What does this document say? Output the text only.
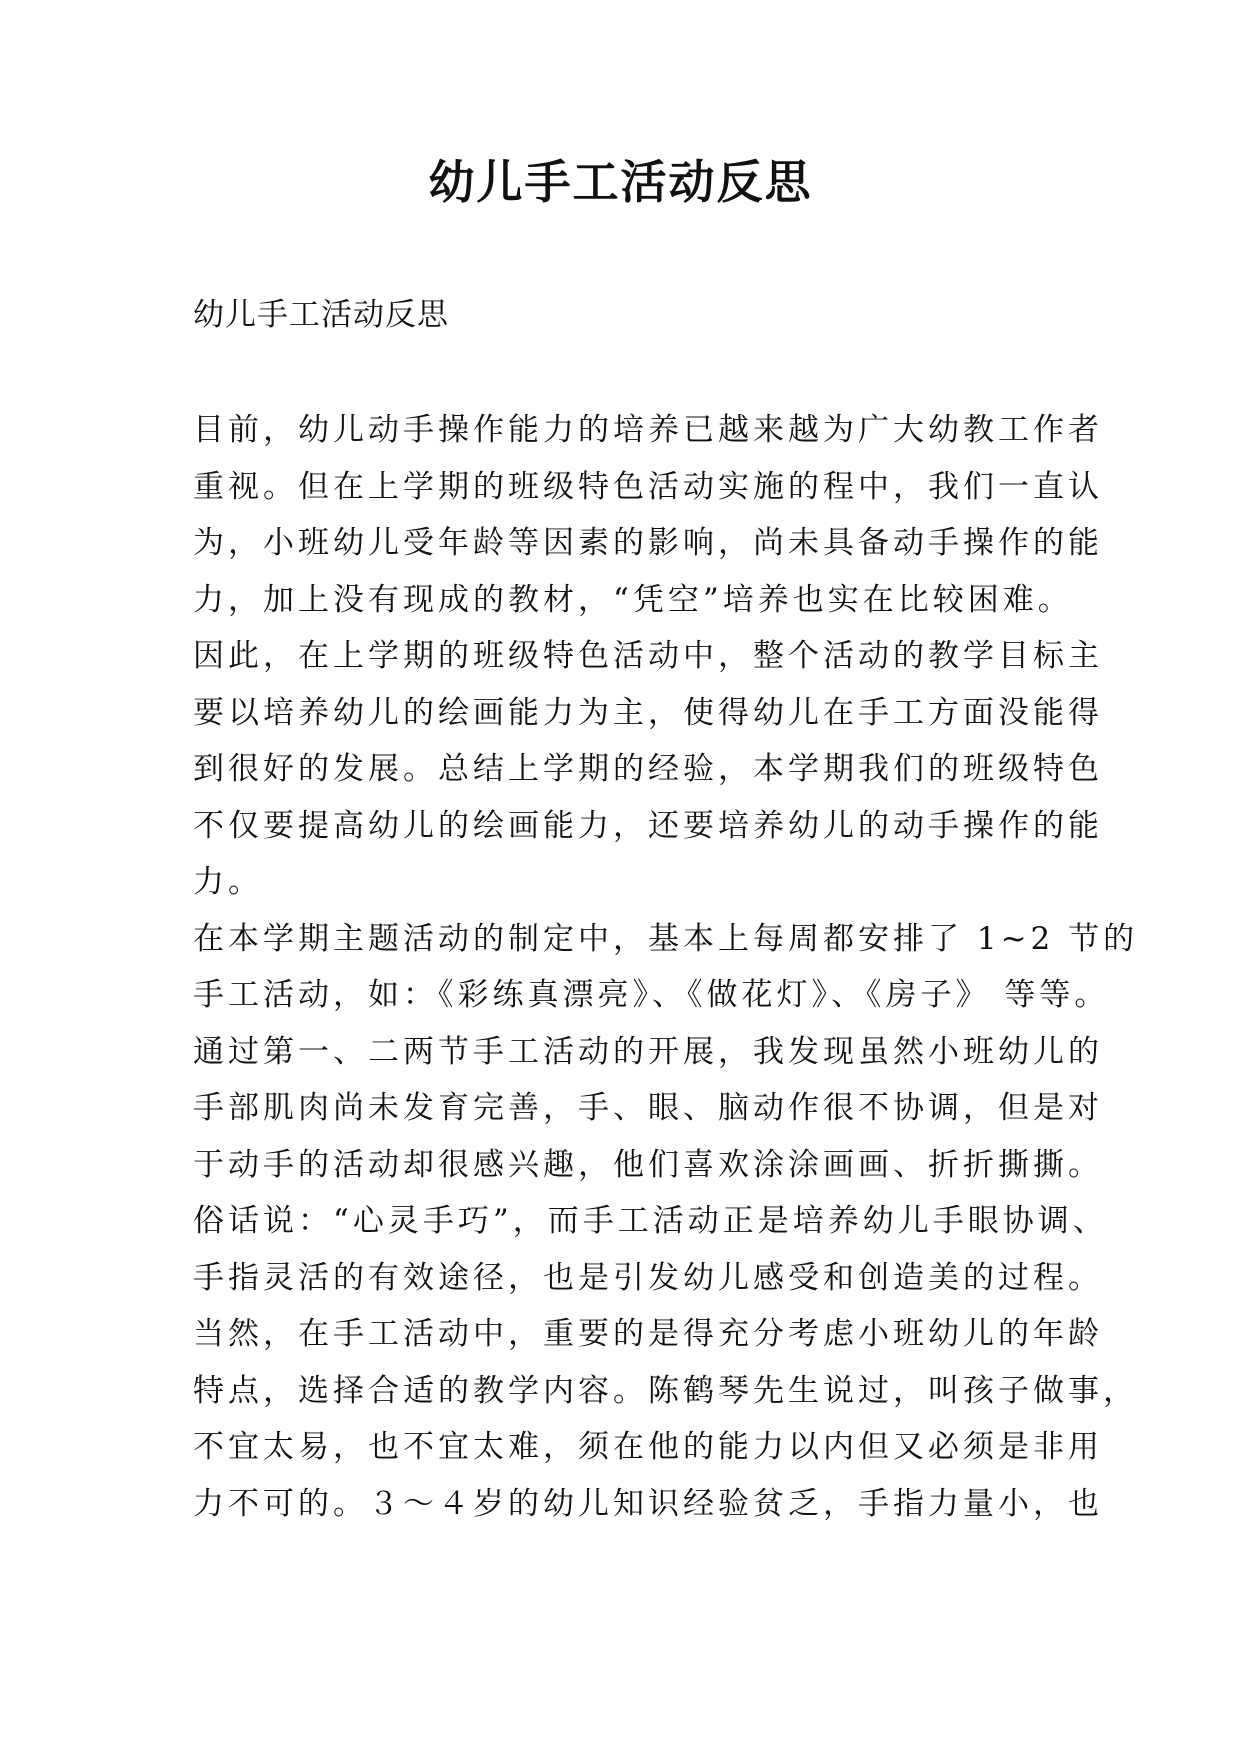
幼儿手工活动反思

幼儿手工活动反思

目前，幼儿动手操作能力的培养已越来越为广大幼教工作者
重视。但在上学期的班级特色活动实施的程中，我们一直认
为，小班幼儿受年龄等因素的影响，尚未具备动手操作的能
力，加上没有现成的教材，“凭空”培养也实在比较困难。
因此，在上学期的班级特色活动中，整个活动的教学目标主
要以培养幼儿的绘画能力为主，使得幼儿在手工方面没能得
到很好的发展。总结上学期的经验，本学期我们的班级特色
不仅要提高幼儿的绘画能力，还要培养幼儿的动手操作的能
力。

在本学期主题活动的制定中，基本上每周都安排了 1~2 节的
手工活动，如：《彩练真漂亮》、《做花灯》、《房子》 等等。
通过第一、二两节手工活动的开展，我发现虽然小班幼儿的
手部肌肉尚未发育完善，手、眼、脑动作很不协调，但是对
于动手的活动却很感兴趣，他们喜欢涂涂画画、折折撕撕。
俗话说：“心灵手巧”，而手工活动正是培养幼儿手眼协调、
手指灵活的有效途径，也是引发幼儿感受和创造美的过程。
当然，在手工活动中，重要的是得充分考虑小班幼儿的年龄
特点，选择合适的教学内容。陈鹤琴先生说过，叫孩子做事，
不宜太易，也不宜太难，须在他的能力以内但又必须是非用
力不可的。３～４岁的幼儿知识经验贫乏，手指力量小，也
